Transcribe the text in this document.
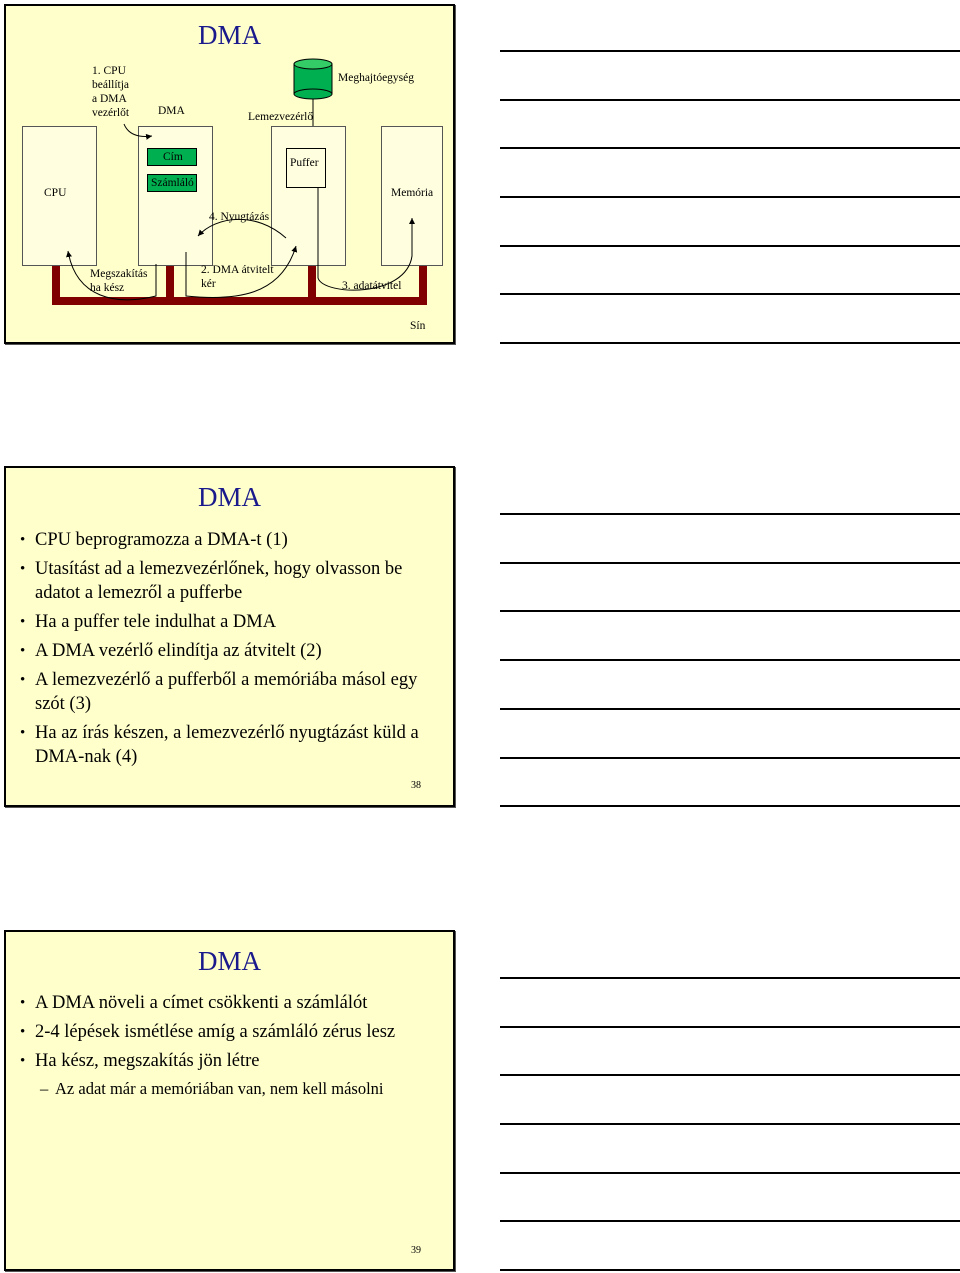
DMA
1. CPU
beállítja
a DMA
vezérlőt	DMA	Lemezvezérlő
Meghajtóegység
Cím
Számláló
Puffer
CPU	Memória
4. Nyugtázás
Megszakítás
ha kész
2. DMA átvitelt
kér	3. adatátvitel
Sín
DMA
• CPU beprogramozza a DMA-t (1)
• Utasítást ad a lemezvezérlőnek, hogy olvasson be adatot a lemezről a pufferbe
• Ha a puffer tele indulhat a DMA
• A DMA vezérlő elindítja az átvitelt (2)
• A lemezvezérlő a pufferből a memóriába másol egy szót (3)
• Ha az írás készen, a lemezvezérlő nyugtázást küld a DMA-nak (4)
38
DMA
• A DMA növeli a címet csökkenti a számlálót
• 2-4 lépések ismétlése amíg a számláló zérus lesz
• Ha kész, megszakítás jön létre
– Az adat már a memóriában van, nem kell másolni
39
